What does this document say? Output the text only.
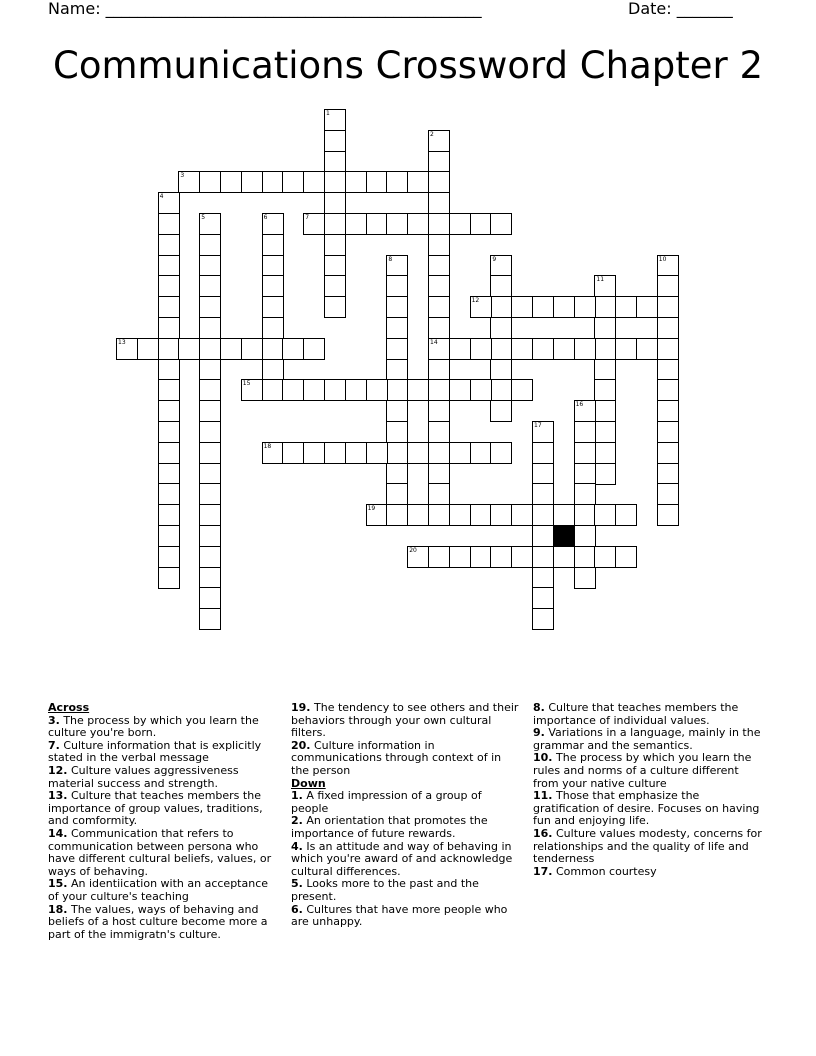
Name: _______________________________________________	Date: _______
Communications Crossword Chapter 2
1
2
14
3
4
5	6	7
8	9	10
11
12
13
15
16
17
18
19
20
Across
3. The process by which you learn the culture you're born.
7. Culture information that is explicitly stated in the verbal message
12. Culture values aggressiveness material success and strength.
13. Culture that teaches members the importance of group values, traditions, and comformity.
14. Communication that refers to communication between persona who have different cultural beliefs, values, or ways of behaving.
15. An identiication with an acceptance of your culture's teaching
18. The values, ways of behaving and beliefs of a host culture become more a part of the immigratn's culture.
19. The tendency to see others and their behaviors through your own cultural filters.
20. Culture information in communications through context of in the person
Down
1. A fixed impression of a group of people
2. An orientation that promotes the importance of future rewards.
4. Is an attitude and way of behaving in which you're award of and acknowledge cultural differences.
5. Looks more to the past and the present.
6. Cultures that have more people who are unhappy.
8. Culture that teaches members the importance of individual values.
9. Variations in a language, mainly in the grammar and the semantics.
10. The process by which you learn the rules and norms of a culture different from your native culture
11. Those that emphasize the gratification of desire. Focuses on having fun and enjoying life.
16. Culture values modesty, concerns for relationships and the quality of life and tenderness
17. Common courtesy
